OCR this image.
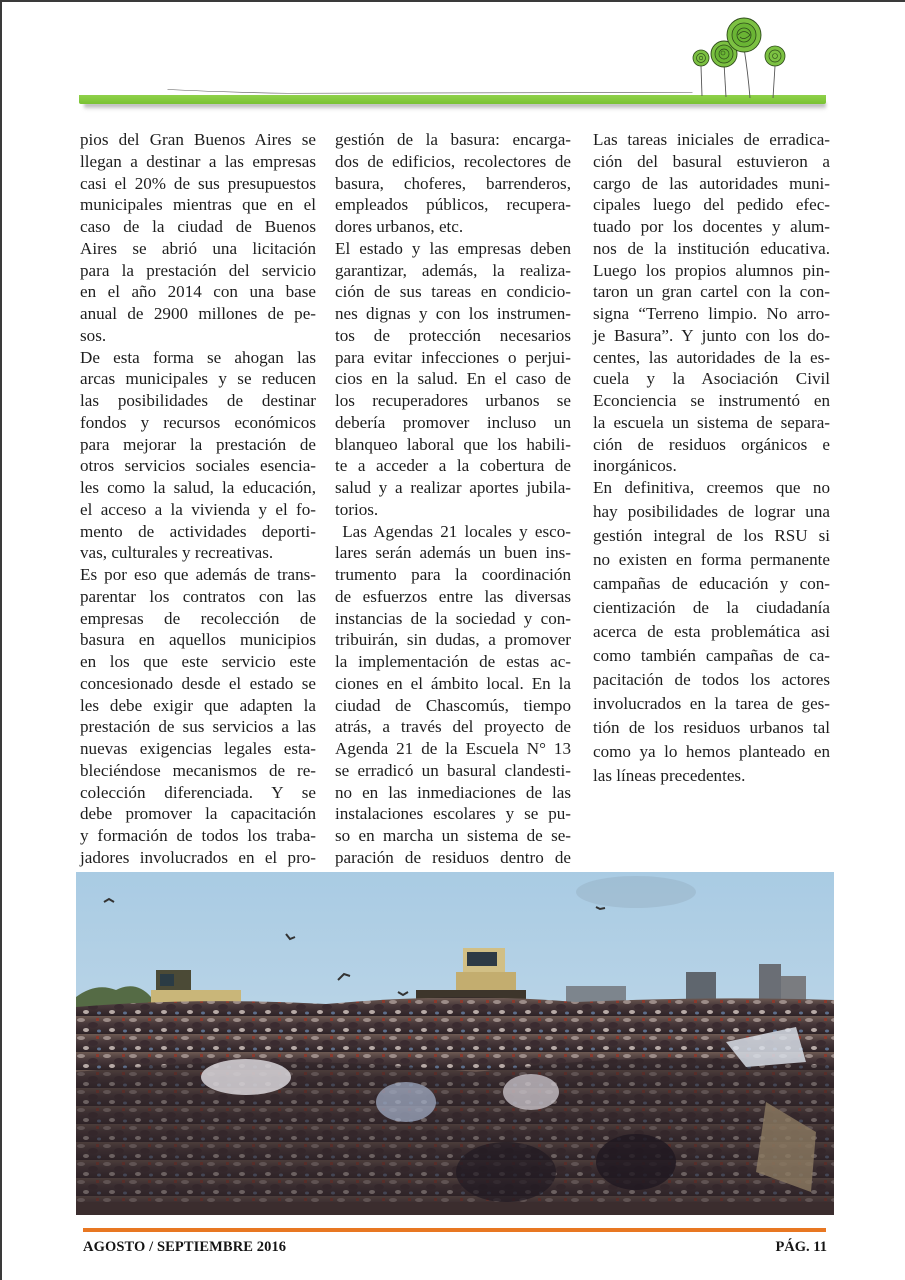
pios del Gran Buenos Aires se
llegan a destinar a las empresas
casi el 20% de sus presupuestos
municipales mientras que en el
caso de la ciudad de Buenos
Aires se abrió una licitación
para la prestación del servicio
en el año 2014 con una base
anual de 2900 millones de pe-
sos.
De esta forma se ahogan las
arcas municipales y se reducen
las posibilidades de destinar
fondos y recursos económicos
para mejorar la prestación de
otros servicios sociales esencia-
les como la salud, la educación,
el acceso a la vivienda y el fo-
mento de actividades deporti-
vas, culturales y recreativas.
Es por eso que además de trans-
parentar los contratos con las
empresas de recolección de
basura en aquellos municipios
en los que este servicio este
concesionado desde el estado se
les debe exigir que adapten la
prestación de sus servicios a las
nuevas exigencias legales esta-
bleciéndose mecanismos de re-
colección diferenciada. Y se
debe promover la capacitación
y formación de todos los traba-
jadores involucrados en el pro-
gestión de la basura: encarga-
dos de edificios, recolectores de
basura, choferes, barrenderos,
empleados públicos, recupera-
dores urbanos, etc.
El estado y las empresas deben
garantizar, además, la realiza-
ción de sus tareas en condicio-
nes dignas y con los instrumen-
tos de protección necesarios
para evitar infecciones o perjui-
cios en la salud. En el caso de
los recuperadores urbanos se
debería promover incluso un
blanqueo laboral que los habili-
te a acceder a la cobertura de
salud y a realizar aportes jubila-
torios.
Las Agendas 21 locales y esco-
lares serán además un buen ins-
trumento para la coordinación
de esfuerzos entre las diversas
instancias de la sociedad y con-
tribuirán, sin dudas, a promover
la implementación de estas ac-
ciones en el ámbito local. En la
ciudad de Chascomús, tiempo
atrás, a través del proyecto de
Agenda 21 de la Escuela N° 13
se erradicó un basural clandesti-
no en las inmediaciones de las
instalaciones escolares y se pu-
so en marcha un sistema de se-
paración de residuos dentro de
Las tareas iniciales de erradica-
ción del basural estuvieron a
cargo de las autoridades muni-
cipales luego del pedido efec-
tuado por los docentes y alum-
nos de la institución educativa.
Luego los propios alumnos pin-
taron un gran cartel con la con-
signa “Terreno limpio. No arro-
je Basura”. Y junto con los do-
centes, las autoridades de la es-
cuela y la Asociación Civil
Econciencia se instrumentó en
la escuela un sistema de separa-
ción de residuos orgánicos e
inorgánicos.
En definitiva, creemos que no
hay posibilidades de lograr una
gestión integral de los RSU si
no existen en forma permanente
campañas de educación y con-
cientización de la ciudadanía
acerca de esta problemática asi
como también campañas de ca-
pacitación de todos los actores
involucrados en la tarea de ges-
tión de los residuos urbanos tal
como ya lo hemos planteado en
las líneas precedentes.
AGOSTO / SEPTIEMBRE 2016	PÁG. 11
